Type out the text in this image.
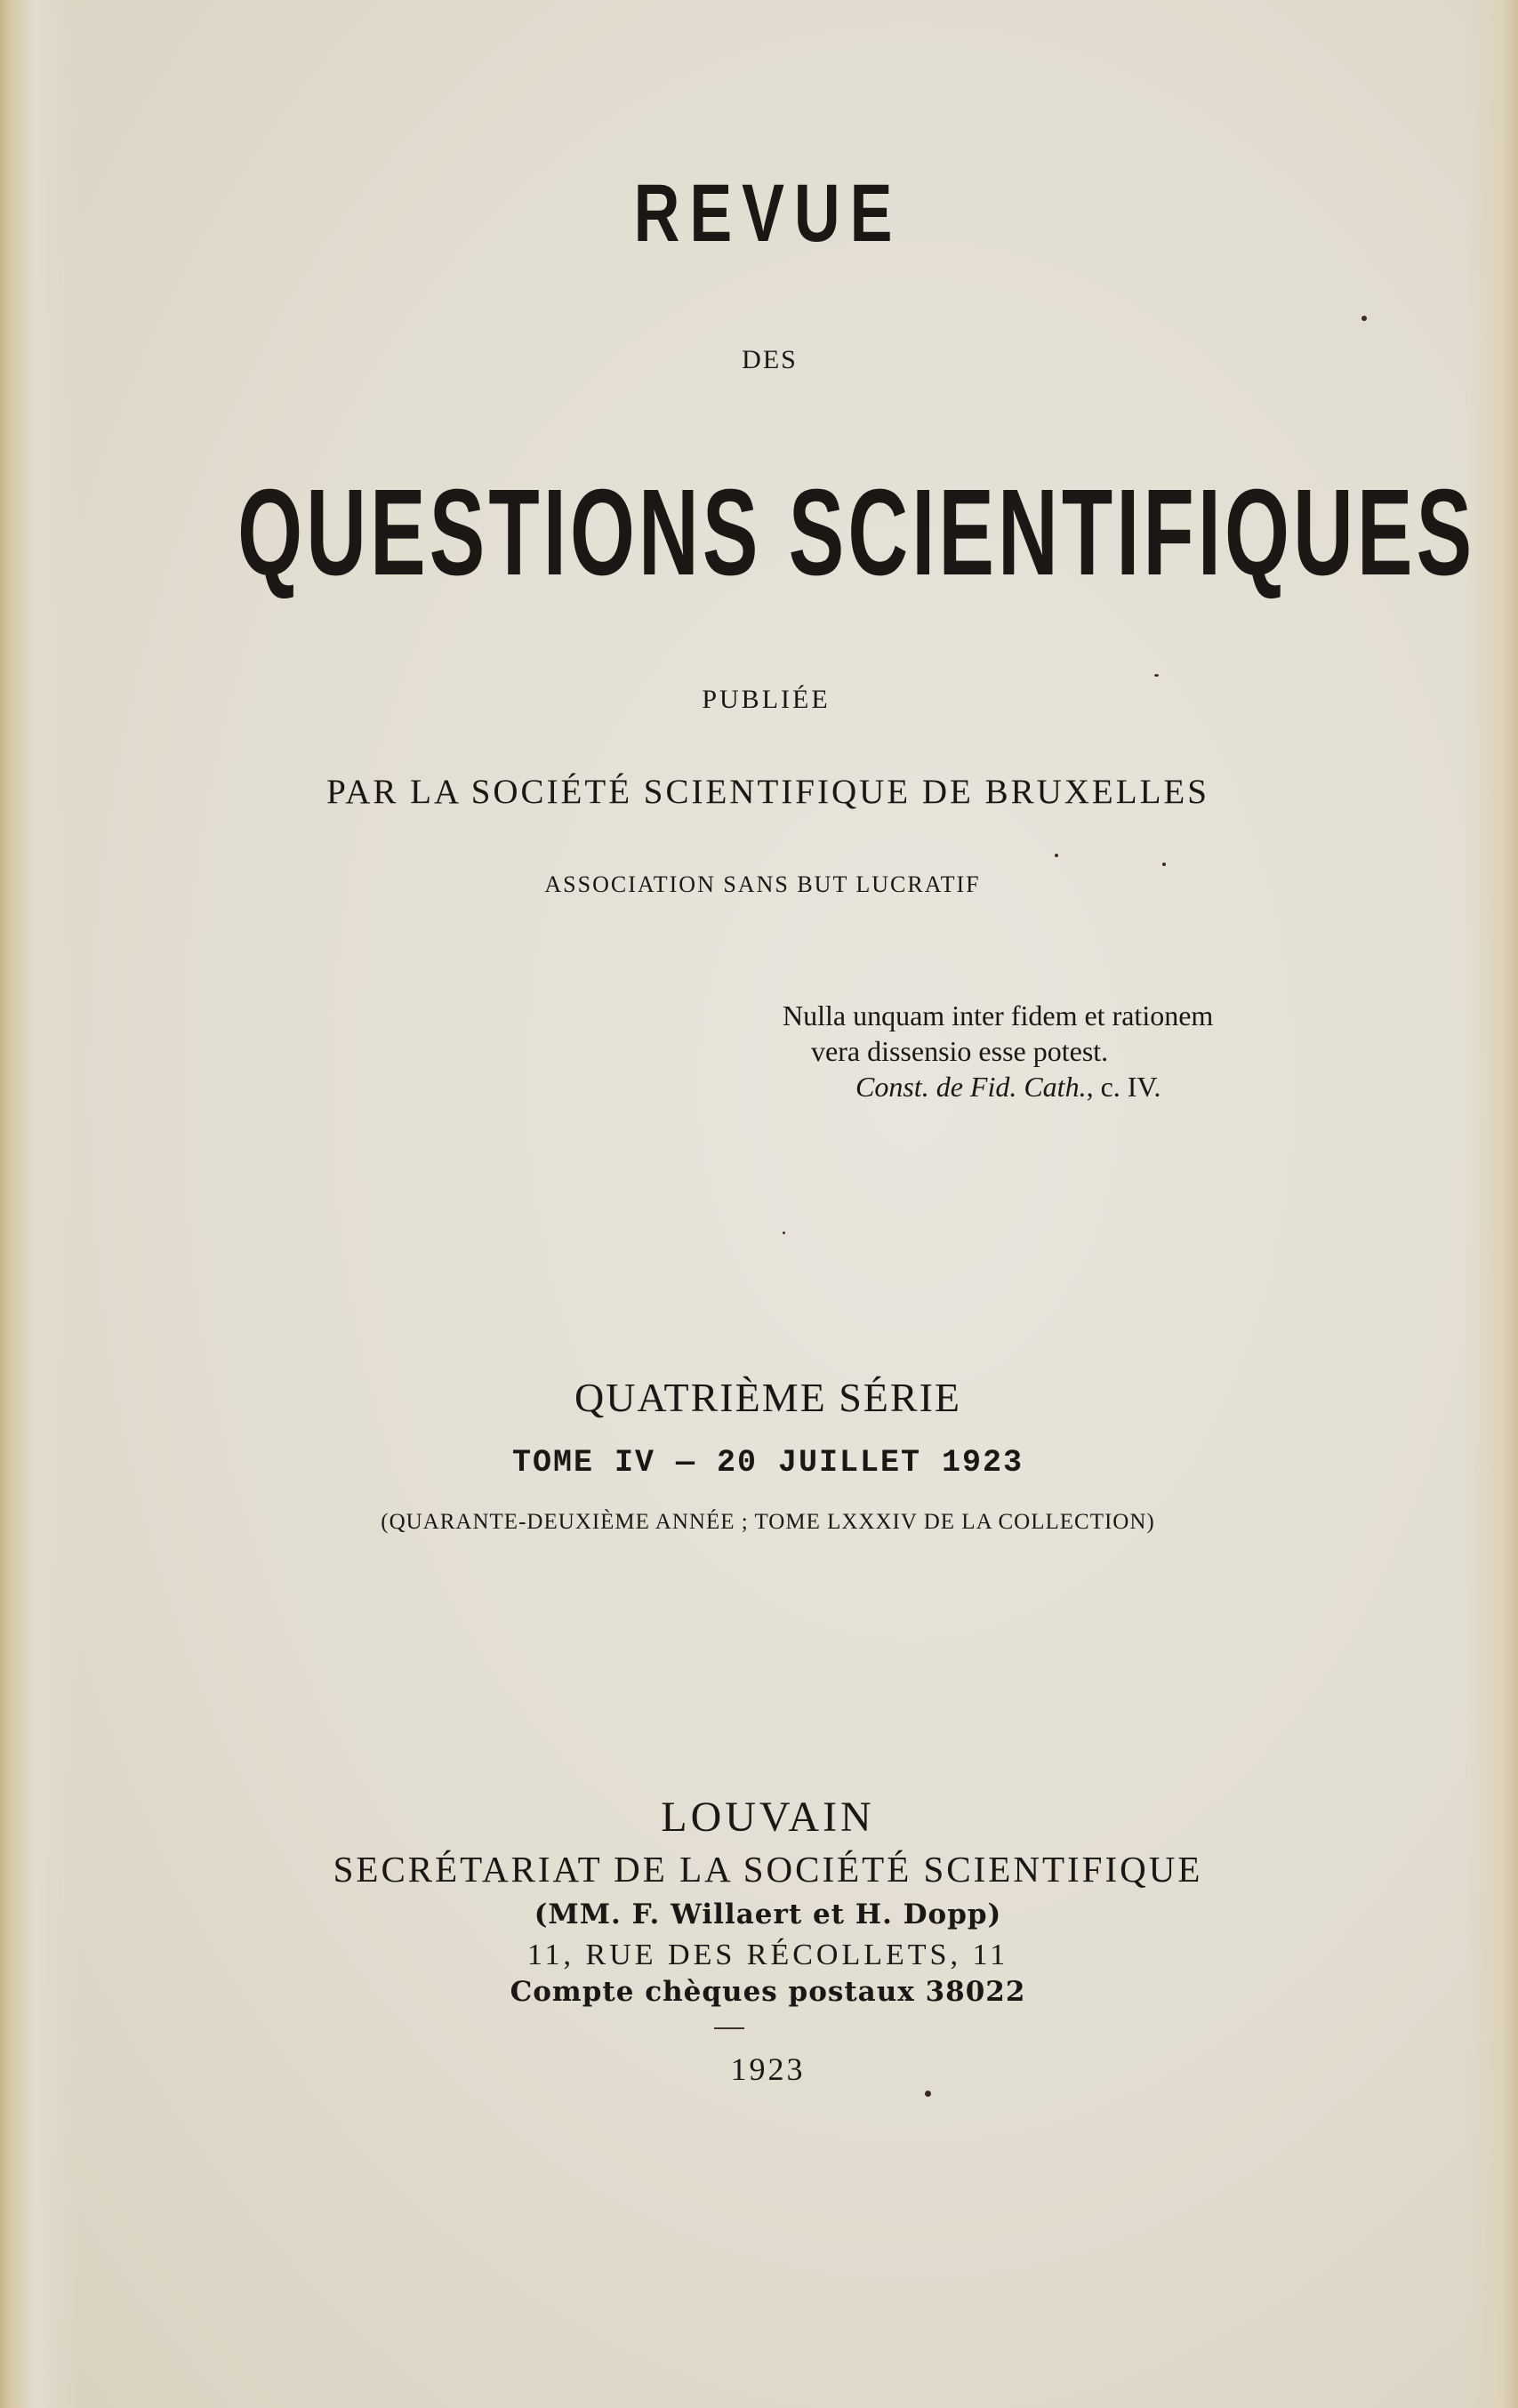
REVUE
DES
QUESTIONS SCIENTIFIQUES
PUBLIÉE
PAR LA SOCIÉTÉ SCIENTIFIQUE DE BRUXELLES
ASSOCIATION SANS BUT LUCRATIF
Nulla unquam inter fidem et rationem
vera dissensio esse potest.
Const. de Fid. Cath., c. IV.
QUATRIÈME SÉRIE
TOME IV — 20 JUILLET 1923
(QUARANTE-DEUXIÈME ANNÉE ; TOME LXXXIV DE LA COLLECTION)
LOUVAIN
SECRÉTARIAT DE LA SOCIÉTÉ SCIENTIFIQUE
(MM. F. Willaert et H. Dopp)
11, RUE DES RÉCOLLETS, 11
Compte chèques postaux 38022
1923
